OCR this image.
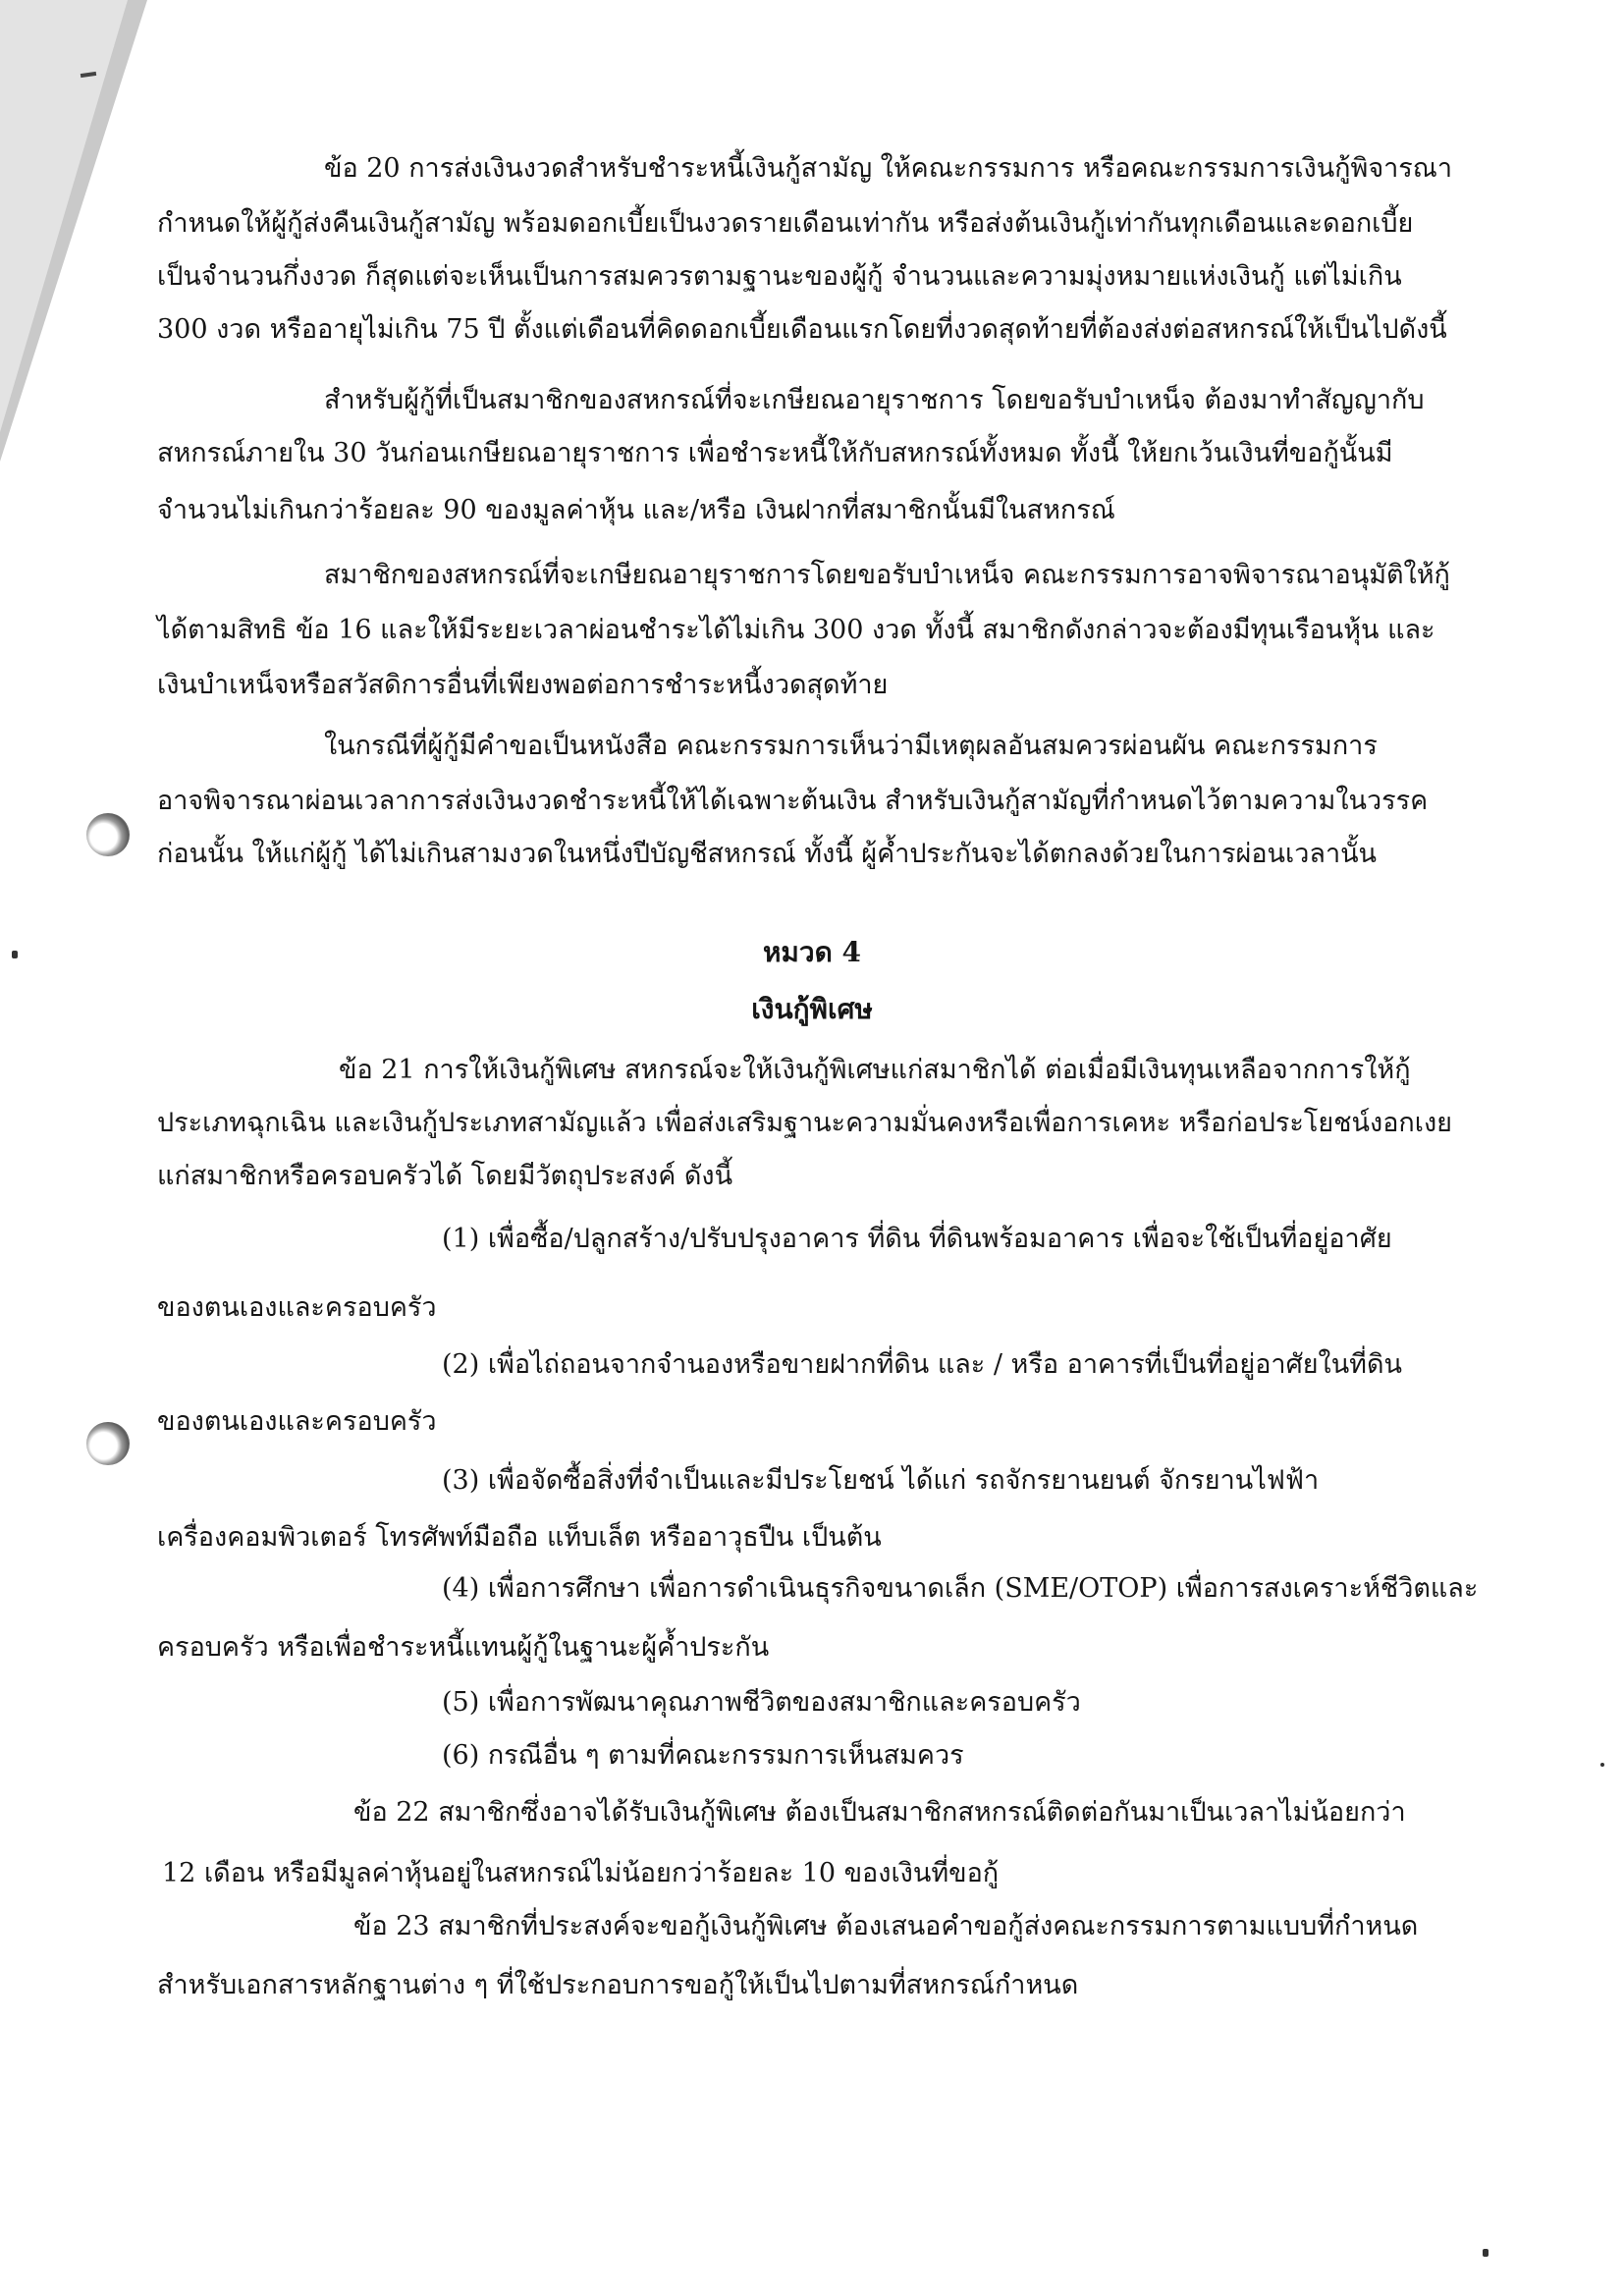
ข้อ 20 การส่งเงินงวดสำหรับชำระหนี้เงินกู้สามัญ ให้คณะกรรมการ หรือคณะกรรมการเงินกู้พิจารณา
กำหนดให้ผู้กู้ส่งคืนเงินกู้สามัญ พร้อมดอกเบี้ยเป็นงวดรายเดือนเท่ากัน หรือส่งต้นเงินกู้เท่ากันทุกเดือนและดอกเบี้ย
เป็นจำนวนกึ่งงวด ก็สุดแต่จะเห็นเป็นการสมควรตามฐานะของผู้กู้ จำนวนและความมุ่งหมายแห่งเงินกู้ แต่ไม่เกิน
300 งวด หรืออายุไม่เกิน 75 ปี ตั้งแต่เดือนที่คิดดอกเบี้ยเดือนแรกโดยที่งวดสุดท้ายที่ต้องส่งต่อสหกรณ์ให้เป็นไปดังนี้
สำหรับผู้กู้ที่เป็นสมาชิกของสหกรณ์ที่จะเกษียณอายุราชการ โดยขอรับบำเหน็จ ต้องมาทำสัญญากับ
สหกรณ์ภายใน 30 วันก่อนเกษียณอายุราชการ เพื่อชำระหนี้ให้กับสหกรณ์ทั้งหมด ทั้งนี้ ให้ยกเว้นเงินที่ขอกู้นั้นมี
จำนวนไม่เกินกว่าร้อยละ 90 ของมูลค่าหุ้น และ/หรือ เงินฝากที่สมาชิกนั้นมีในสหกรณ์
สมาชิกของสหกรณ์ที่จะเกษียณอายุราชการโดยขอรับบำเหน็จ คณะกรรมการอาจพิจารณาอนุมัติให้กู้
ได้ตามสิทธิ ข้อ 16 และให้มีระยะเวลาผ่อนชำระได้ไม่เกิน 300 งวด ทั้งนี้ สมาชิกดังกล่าวจะต้องมีทุนเรือนหุ้น และ
เงินบำเหน็จหรือสวัสดิการอื่นที่เพียงพอต่อการชำระหนี้งวดสุดท้าย
ในกรณีที่ผู้กู้มีคำขอเป็นหนังสือ คณะกรรมการเห็นว่ามีเหตุผลอันสมควรผ่อนผัน คณะกรรมการ
อาจพิจารณาผ่อนเวลาการส่งเงินงวดชำระหนี้ให้ได้เฉพาะต้นเงิน สำหรับเงินกู้สามัญที่กำหนดไว้ตามความในวรรค
ก่อนนั้น ให้แก่ผู้กู้ ได้ไม่เกินสามงวดในหนึ่งปีบัญชีสหกรณ์ ทั้งนี้ ผู้ค้ำประกันจะได้ตกลงด้วยในการผ่อนเวลานั้น
หมวด 4
เงินกู้พิเศษ
ข้อ 21 การให้เงินกู้พิเศษ สหกรณ์จะให้เงินกู้พิเศษแก่สมาชิกได้ ต่อเมื่อมีเงินทุนเหลือจากการให้กู้
ประเภทฉุกเฉิน และเงินกู้ประเภทสามัญแล้ว เพื่อส่งเสริมฐานะความมั่นคงหรือเพื่อการเคหะ หรือก่อประโยชน์งอกเงย
แก่สมาชิกหรือครอบครัวได้ โดยมีวัตถุประสงค์ ดังนี้
(1) เพื่อซื้อ/ปลูกสร้าง/ปรับปรุงอาคาร ที่ดิน ที่ดินพร้อมอาคาร เพื่อจะใช้เป็นที่อยู่อาศัย
ของตนเองและครอบครัว
(2) เพื่อไถ่ถอนจากจำนองหรือขายฝากที่ดิน และ / หรือ อาคารที่เป็นที่อยู่อาศัยในที่ดิน
ของตนเองและครอบครัว
(3) เพื่อจัดซื้อสิ่งที่จำเป็นและมีประโยชน์ ได้แก่ รถจักรยานยนต์ จักรยานไฟฟ้า
เครื่องคอมพิวเตอร์ โทรศัพท์มือถือ แท็บเล็ต หรืออาวุธปืน เป็นต้น
(4) เพื่อการศึกษา เพื่อการดำเนินธุรกิจขนาดเล็ก (SME/OTOP) เพื่อการสงเคราะห์ชีวิตและ
ครอบครัว หรือเพื่อชำระหนี้แทนผู้กู้ในฐานะผู้ค้ำประกัน
(5) เพื่อการพัฒนาคุณภาพชีวิตของสมาชิกและครอบครัว
(6) กรณีอื่น ๆ ตามที่คณะกรรมการเห็นสมควร
ข้อ 22 สมาชิกซึ่งอาจได้รับเงินกู้พิเศษ ต้องเป็นสมาชิกสหกรณ์ติดต่อกันมาเป็นเวลาไม่น้อยกว่า
12 เดือน หรือมีมูลค่าหุ้นอยู่ในสหกรณ์ไม่น้อยกว่าร้อยละ 10 ของเงินที่ขอกู้
ข้อ 23 สมาชิกที่ประสงค์จะขอกู้เงินกู้พิเศษ ต้องเสนอคำขอกู้ส่งคณะกรรมการตามแบบที่กำหนด
สำหรับเอกสารหลักฐานต่าง ๆ ที่ใช้ประกอบการขอกู้ให้เป็นไปตามที่สหกรณ์กำหนด
